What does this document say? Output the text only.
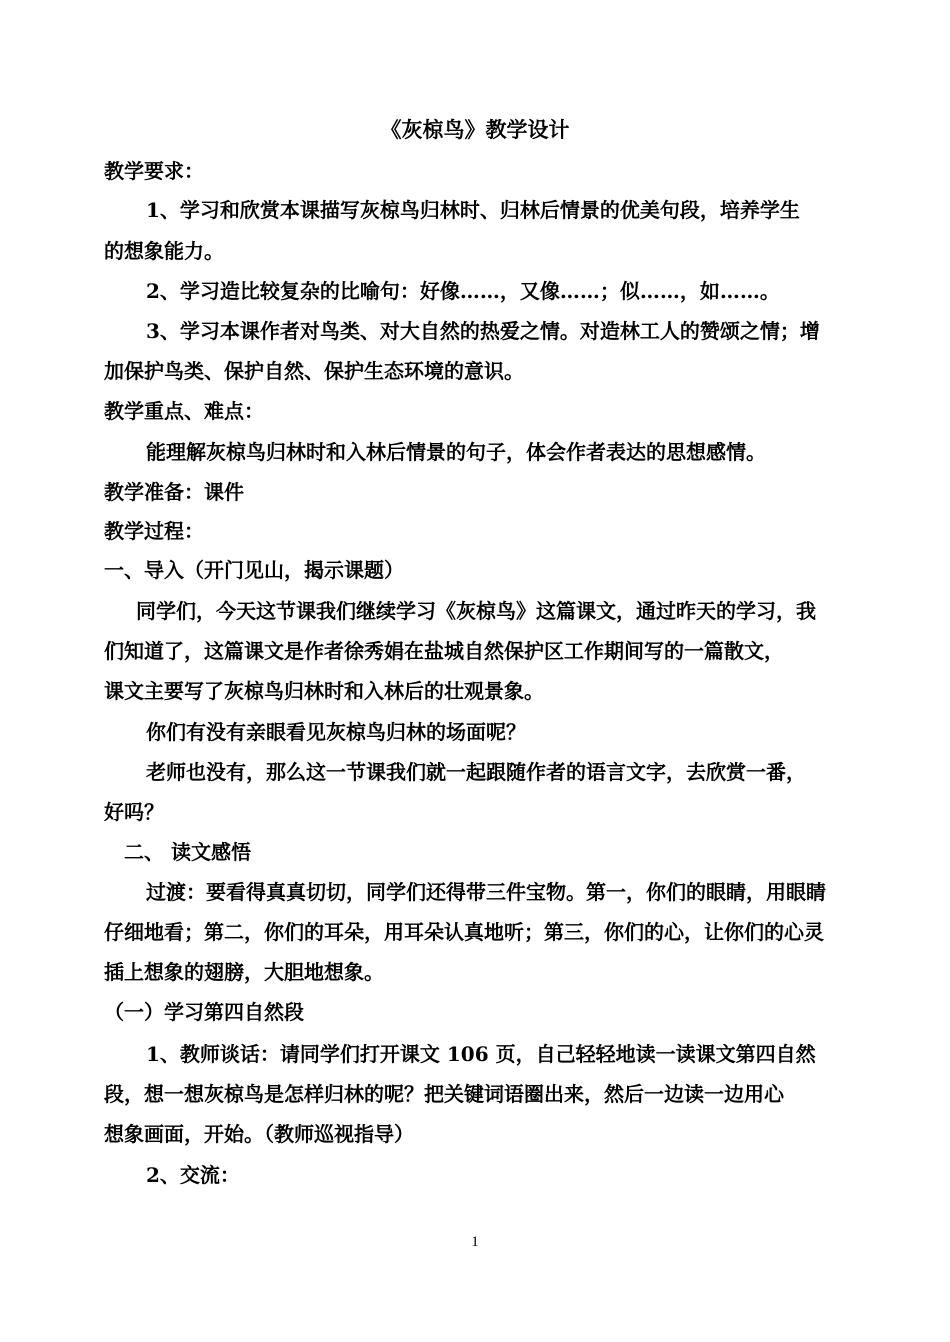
《灰椋鸟》教学设计
教学要求：
1、学习和欣赏本课描写灰椋鸟归林时、归林后情景的优美句段，培养学生
的想象能力。
2、学习造比较复杂的比喻句：好像……，又像……；似……，如……。
3、学习本课作者对鸟类、对大自然的热爱之情。对造林工人的赞颂之情；增
加保护鸟类、保护自然、保护生态环境的意识。
教学重点、难点：
能理解灰椋鸟归林时和入林后情景的句子，体会作者表达的思想感情。
教学准备：课件
教学过程：
一、导入（开门见山，揭示课题）
同学们，今天这节课我们继续学习《灰椋鸟》这篇课文，通过昨天的学习，我
们知道了，这篇课文是作者徐秀娟在盐城自然保护区工作期间写的一篇散文，
课文主要写了灰椋鸟归林时和入林后的壮观景象。
你们有没有亲眼看见灰椋鸟归林的场面呢？
老师也没有，那么这一节课我们就一起跟随作者的语言文字，去欣赏一番，
好吗？
二、 读文感悟
过渡：要看得真真切切，同学们还得带三件宝物。第一，你们的眼睛，用眼睛
仔细地看；第二，你们的耳朵，用耳朵认真地听；第三，你们的心，让你们的心灵
插上想象的翅膀，大胆地想象。
（一）学习第四自然段
1、教师谈话：请同学们打开课文 106 页，自己轻轻地读一读课文第四自然
段，想一想灰椋鸟是怎样归林的呢？把关键词语圈出来，然后一边读一边用心
想象画面，开始。（教师巡视指导）
2、交流：
1
